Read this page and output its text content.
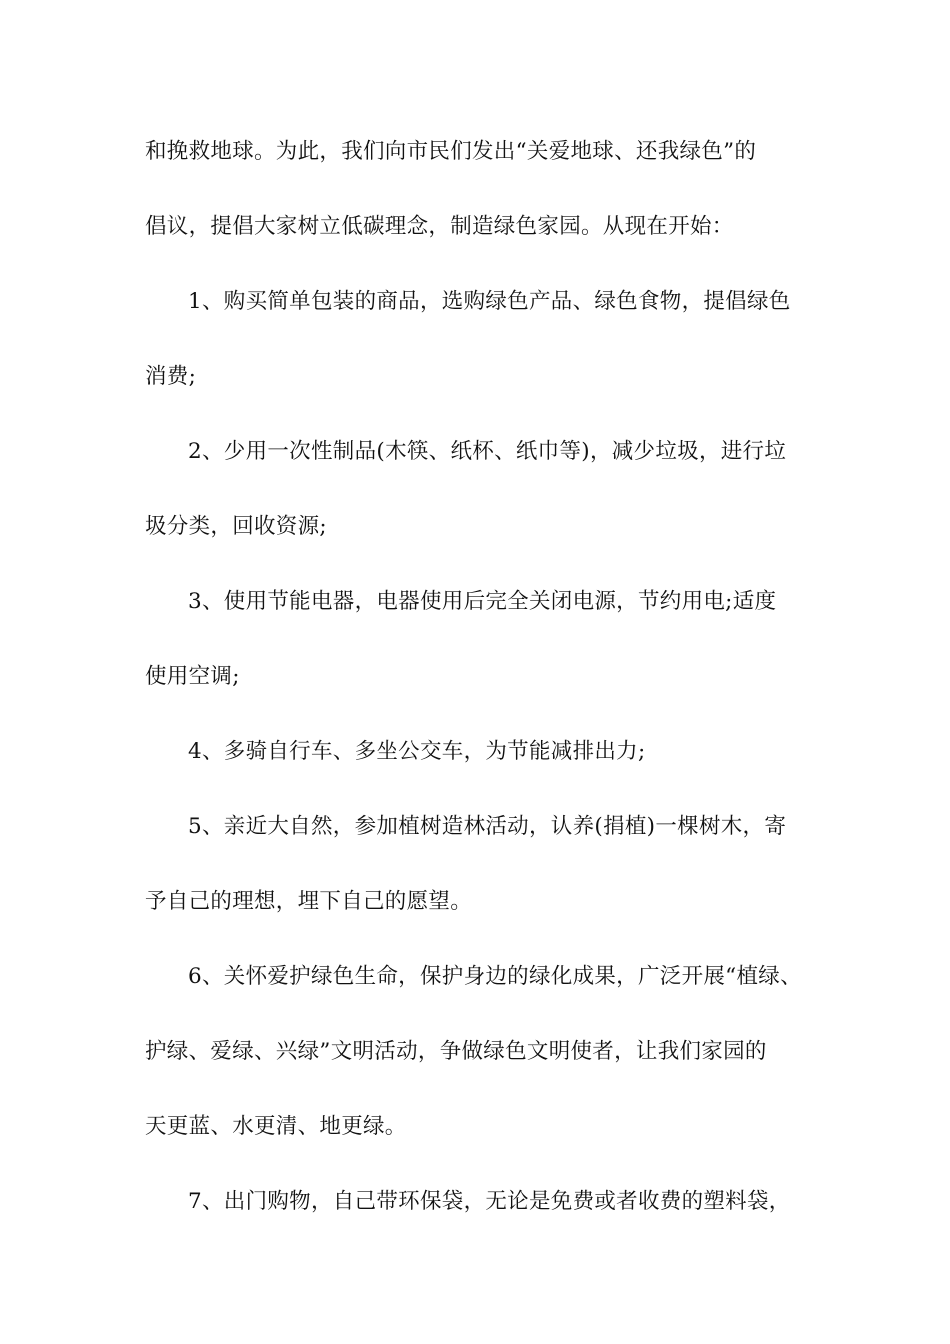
和挽救地球。为此，我们向市民们发出“关爱地球、还我绿色”的
倡议，提倡大家树立低碳理念，制造绿色家园。从现在开始：
1、购买简单包装的商品，选购绿色产品、绿色食物，提倡绿色
消费;
2、少用一次性制品(木筷、纸杯、纸巾等)，减少垃圾，进行垃
圾分类，回收资源;
3、使用节能电器，电器使用后完全关闭电源，节约用电;适度
使用空调;
4、多骑自行车、多坐公交车，为节能减排出力;
5、亲近大自然，参加植树造林活动，认养(捐植)一棵树木，寄
予自己的理想，埋下自己的愿望。
6、关怀爱护绿色生命，保护身边的绿化成果，广泛开展“植绿、
护绿、爱绿、兴绿”文明活动，争做绿色文明使者，让我们家园的
天更蓝、水更清、地更绿。
7、出门购物，自己带环保袋，无论是免费或者收费的塑料袋，
